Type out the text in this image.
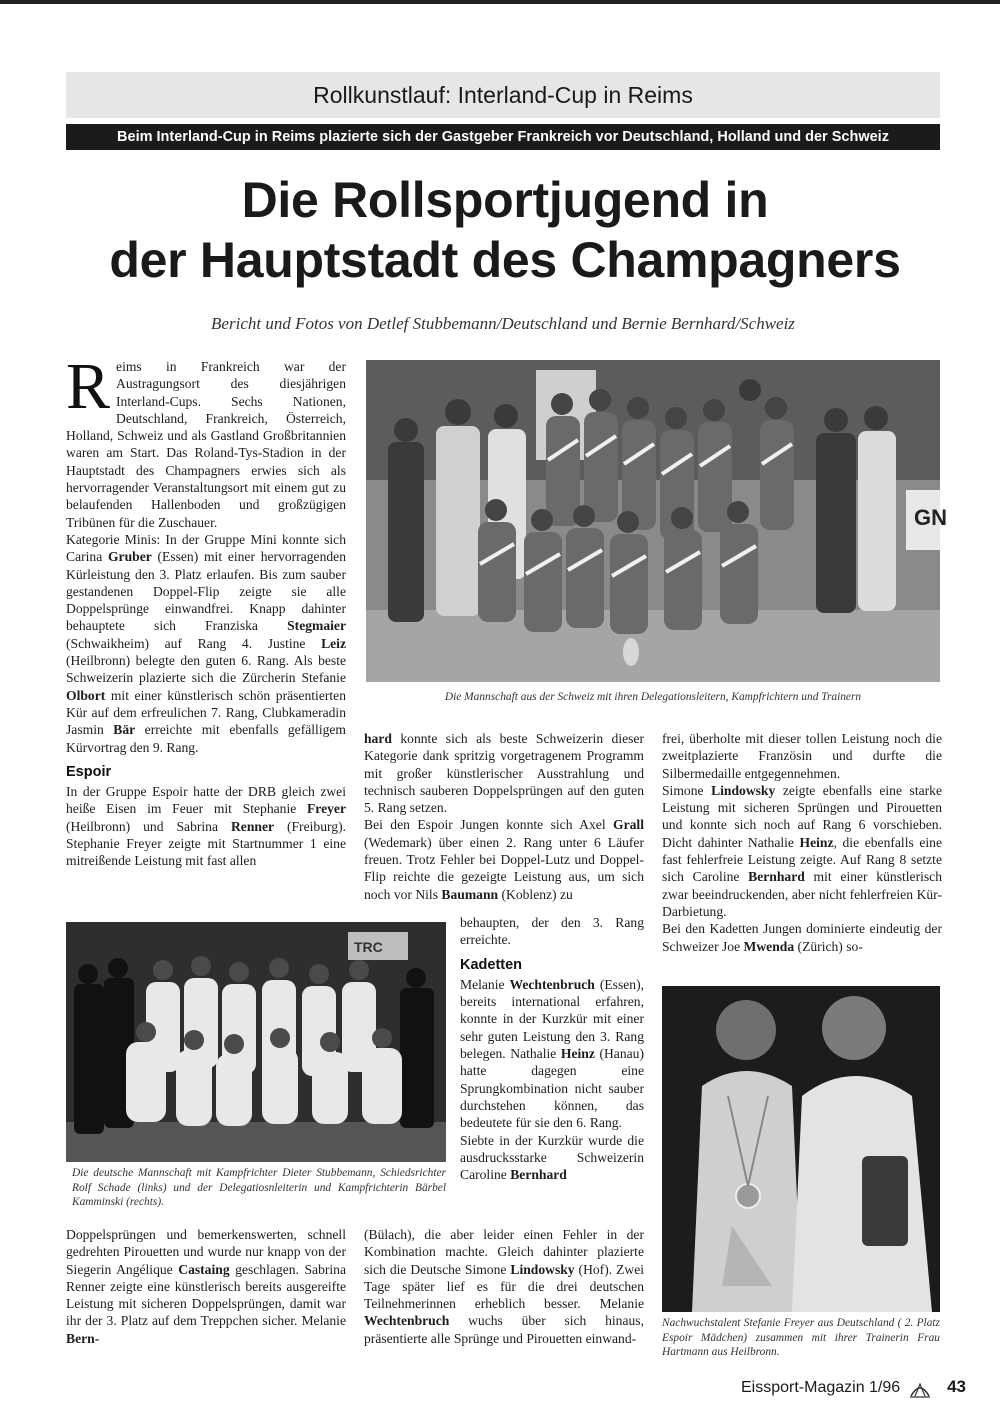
Rollkunstlauf: Interland-Cup in Reims
Beim Interland-Cup in Reims plazierte sich der Gastgeber Frankreich vor Deutschland, Holland und der Schweiz
Die Rollsportjugend in
der Hauptstadt des Champagners
Bericht und Fotos von Detlef Stubbemann/Deutschland und Bernie Bernhard/Schweiz

Reims in Frankreich war der Austragungsort des diesjährigen Interland-Cups. Sechs Nationen, Deutschland, Frankreich, Österreich, Holland, Schweiz und als Gastland Großbritannien waren am Start. Das Roland-Tys-Stadion in der Hauptstadt des Champagners erwies sich als hervorragender Veranstaltungsort mit einem gut zu belaufenden Hallenboden und großzügigen Tribünen für die Zuschauer.

Kategorie Minis: In der Gruppe Mini konnte sich Carina Gruber (Essen) mit einer hervorragenden Kürleistung den 3. Platz erlaufen. Bis zum sauber gestandenen Doppel-Flip zeigte sie alle Doppelsprünge einwandfrei. Knapp dahinter behauptete sich Franziska Stegmaier (Schwaikheim) auf Rang 4. Justine Leiz (Heilbronn) belegte den guten 6. Rang. Als beste Schweizerin plazierte sich die Zürcherin Stefanie Olbort mit einer künstlerisch schön präsentierten Kür auf dem erfreulichen 7. Rang, Clubkameradin Jasmin Bär erreichte mit ebenfalls gefälligem Kürvortrag den 9. Rang.

Espoir

In der Gruppe Espoir hatte der DRB gleich zwei heiße Eisen im Feuer mit Stephanie Freyer (Heilbronn) und Sabrina Renner (Freiburg). Stephanie Freyer zeigte mit Startnummer 1 eine mitreißende Leistung mit fast allen

GN
Die Mannschaft aus der Schweiz mit ihren Delegationsleitern, Kampfrichtern und Trainern

hard konnte sich als beste Schweizerin dieser Kategorie dank spritzig vorgetragenem Programm mit großer künstlerischer Ausstrahlung und technisch sauberen Doppelsprüngen auf den guten 5. Rang setzen.

Bei den Espoir Jungen konnte sich Axel Grall (Wedemark) über einen 2. Rang unter 6 Läufer freuen. Trotz Fehler bei Doppel-Lutz und Doppel-Flip reichte die gezeigte Leistung aus, um sich noch vor Nils Baumann (Koblenz) zu

behaupten, der den 3. Rang erreichte.

Kadetten

Melanie Wechtenbruch (Essen), bereits international erfahren, konnte in der Kurzkür mit einer sehr guten Leistung den 3. Rang belegen. Nathalie Heinz (Hanau) hatte dagegen eine Sprungkombination nicht sauber durchstehen können, das bedeutete für sie den 6. Rang.

Siebte in der Kurzkür wurde die ausdrucksstarke Schweizerin Caroline Bernhard

TRC
Die deutsche Mannschaft mit Kampfrichter Dieter Stubbemann, Schiedsrichter Rolf Schade (links) und der Delegatiosnleiterin und Kampfrichterin Bärbel Kamminski (rechts).

Doppelsprüngen und bemerkenswerten, schnell gedrehten Pirouetten und wurde nur knapp von der Siegerin Angélique Castaing geschlagen. Sabrina Renner zeigte eine künstlerisch bereits ausgereifte Leistung mit sicheren Doppelsprüngen, damit war ihr der 3. Platz auf dem Treppchen sicher. Melanie Bern-

(Bülach), die aber leider einen Fehler in der Kombination machte. Gleich dahinter plazierte sich die Deutsche Simone Lindowsky (Hof). Zwei Tage später lief es für die drei deutschen Teilnehmerinnen erheblich besser. Melanie Wechtenbruch wuchs über sich hinaus, präsentierte alle Sprünge und Pirouetten einwand-

frei, überholte mit dieser tollen Leistung noch die zweitplazierte Französin und durfte die Silbermedaille entgegennehmen.

Simone Lindowsky zeigte ebenfalls eine starke Leistung mit sicheren Sprüngen und Pirouetten und konnte sich noch auf Rang 6 vorschieben. Dicht dahinter Nathalie Heinz, die ebenfalls eine fast fehlerfreie Leistung zeigte. Auf Rang 8 setzte sich Caroline Bernhard mit einer künstlerisch zwar beeindruckenden, aber nicht fehlerfreien Kür-Darbietung.

Bei den Kadetten Jungen dominierte eindeutig der Schweizer Joe Mwenda (Zürich) so-

Nachwuchstalent Stefanie Freyer aus Deutschland ( 2. Platz Espoir Mädchen) zusammen mit ihrer Trainerin Frau Hartmann aus Heilbronn.
Eissport-Magazin 1/96	43
